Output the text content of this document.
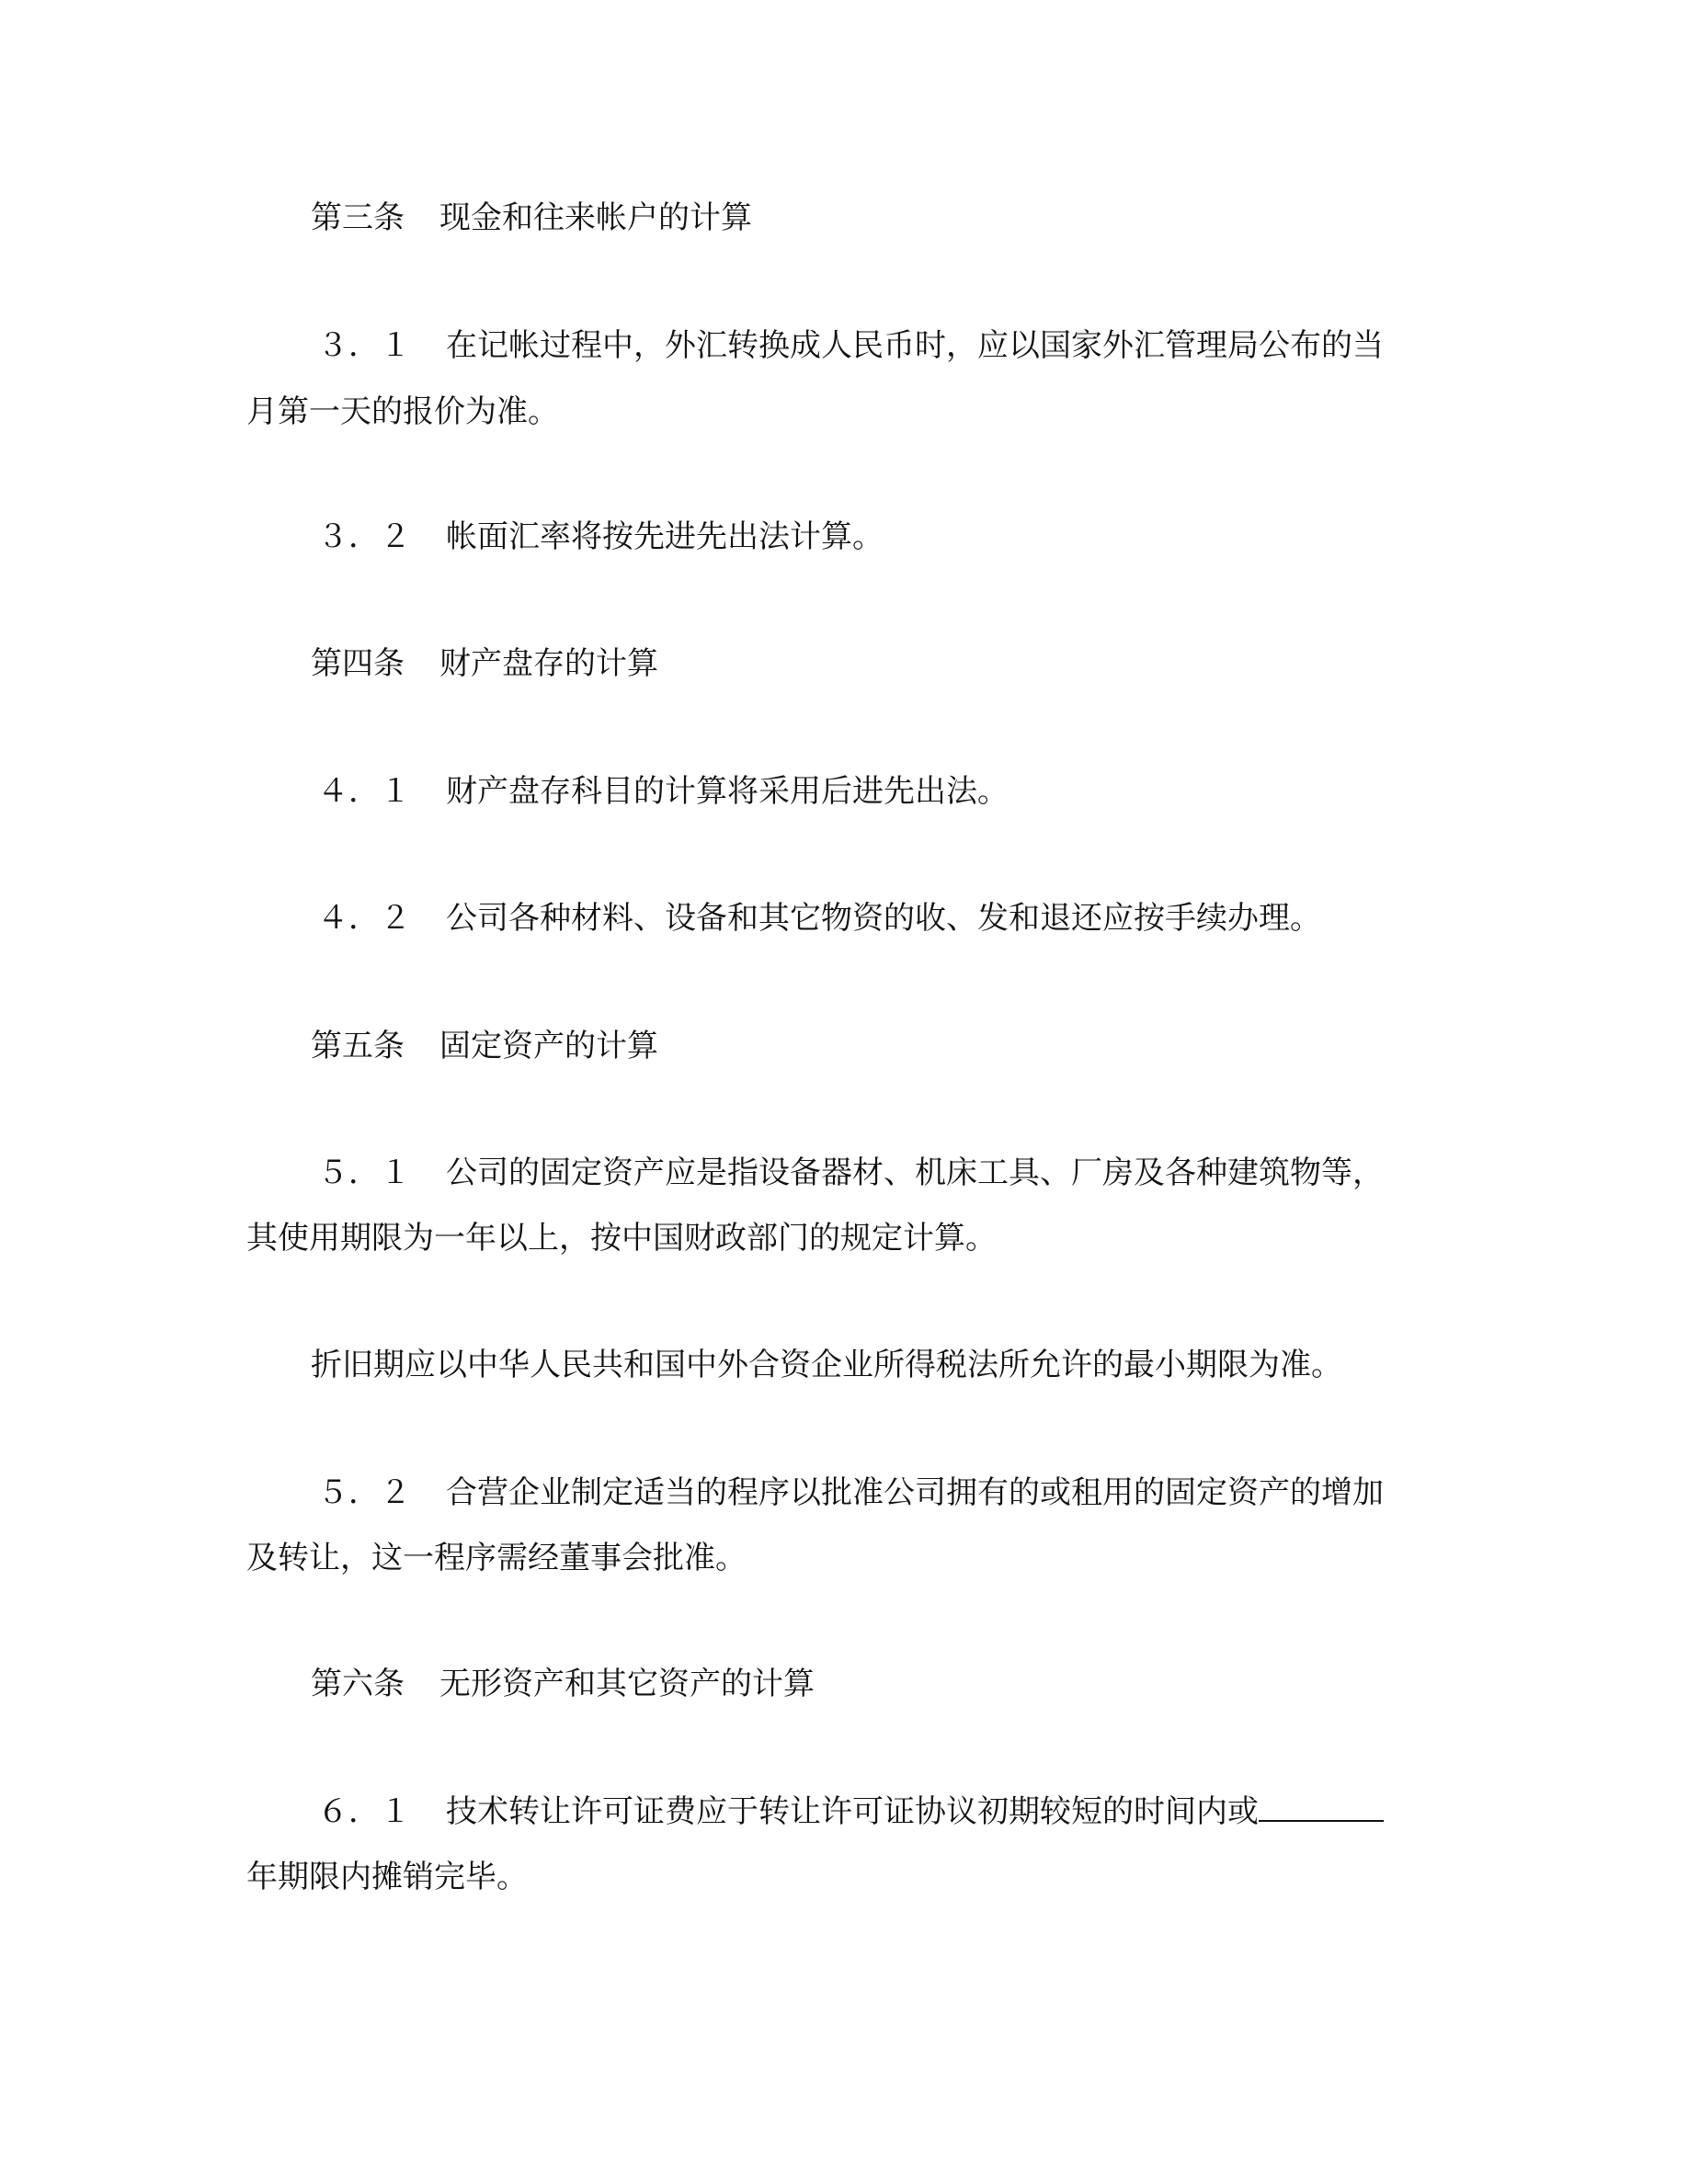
第三条 现金和往来帐户的计算
３．１ 在记帐过程中，外汇转换成人民币时，应以国家外汇管理局公布的当
月第一天的报价为准。
３．２ 帐面汇率将按先进先出法计算。
第四条 财产盘存的计算
４．１ 财产盘存科目的计算将采用后进先出法。
４．２ 公司各种材料、设备和其它物资的收、发和退还应按手续办理。
第五条 固定资产的计算
５．１ 公司的固定资产应是指设备器材、机床工具、厂房及各种建筑物等，
其使用期限为一年以上，按中国财政部门的规定计算。
折旧期应以中华人民共和国中外合资企业所得税法所允许的最小期限为准。
５．２ 合营企业制定适当的程序以批准公司拥有的或租用的固定资产的增加
及转让，这一程序需经董事会批准。
第六条 无形资产和其它资产的计算
６．１ 技术转让许可证费应于转让许可证协议初期较短的时间内或
年期限内摊销完毕。
